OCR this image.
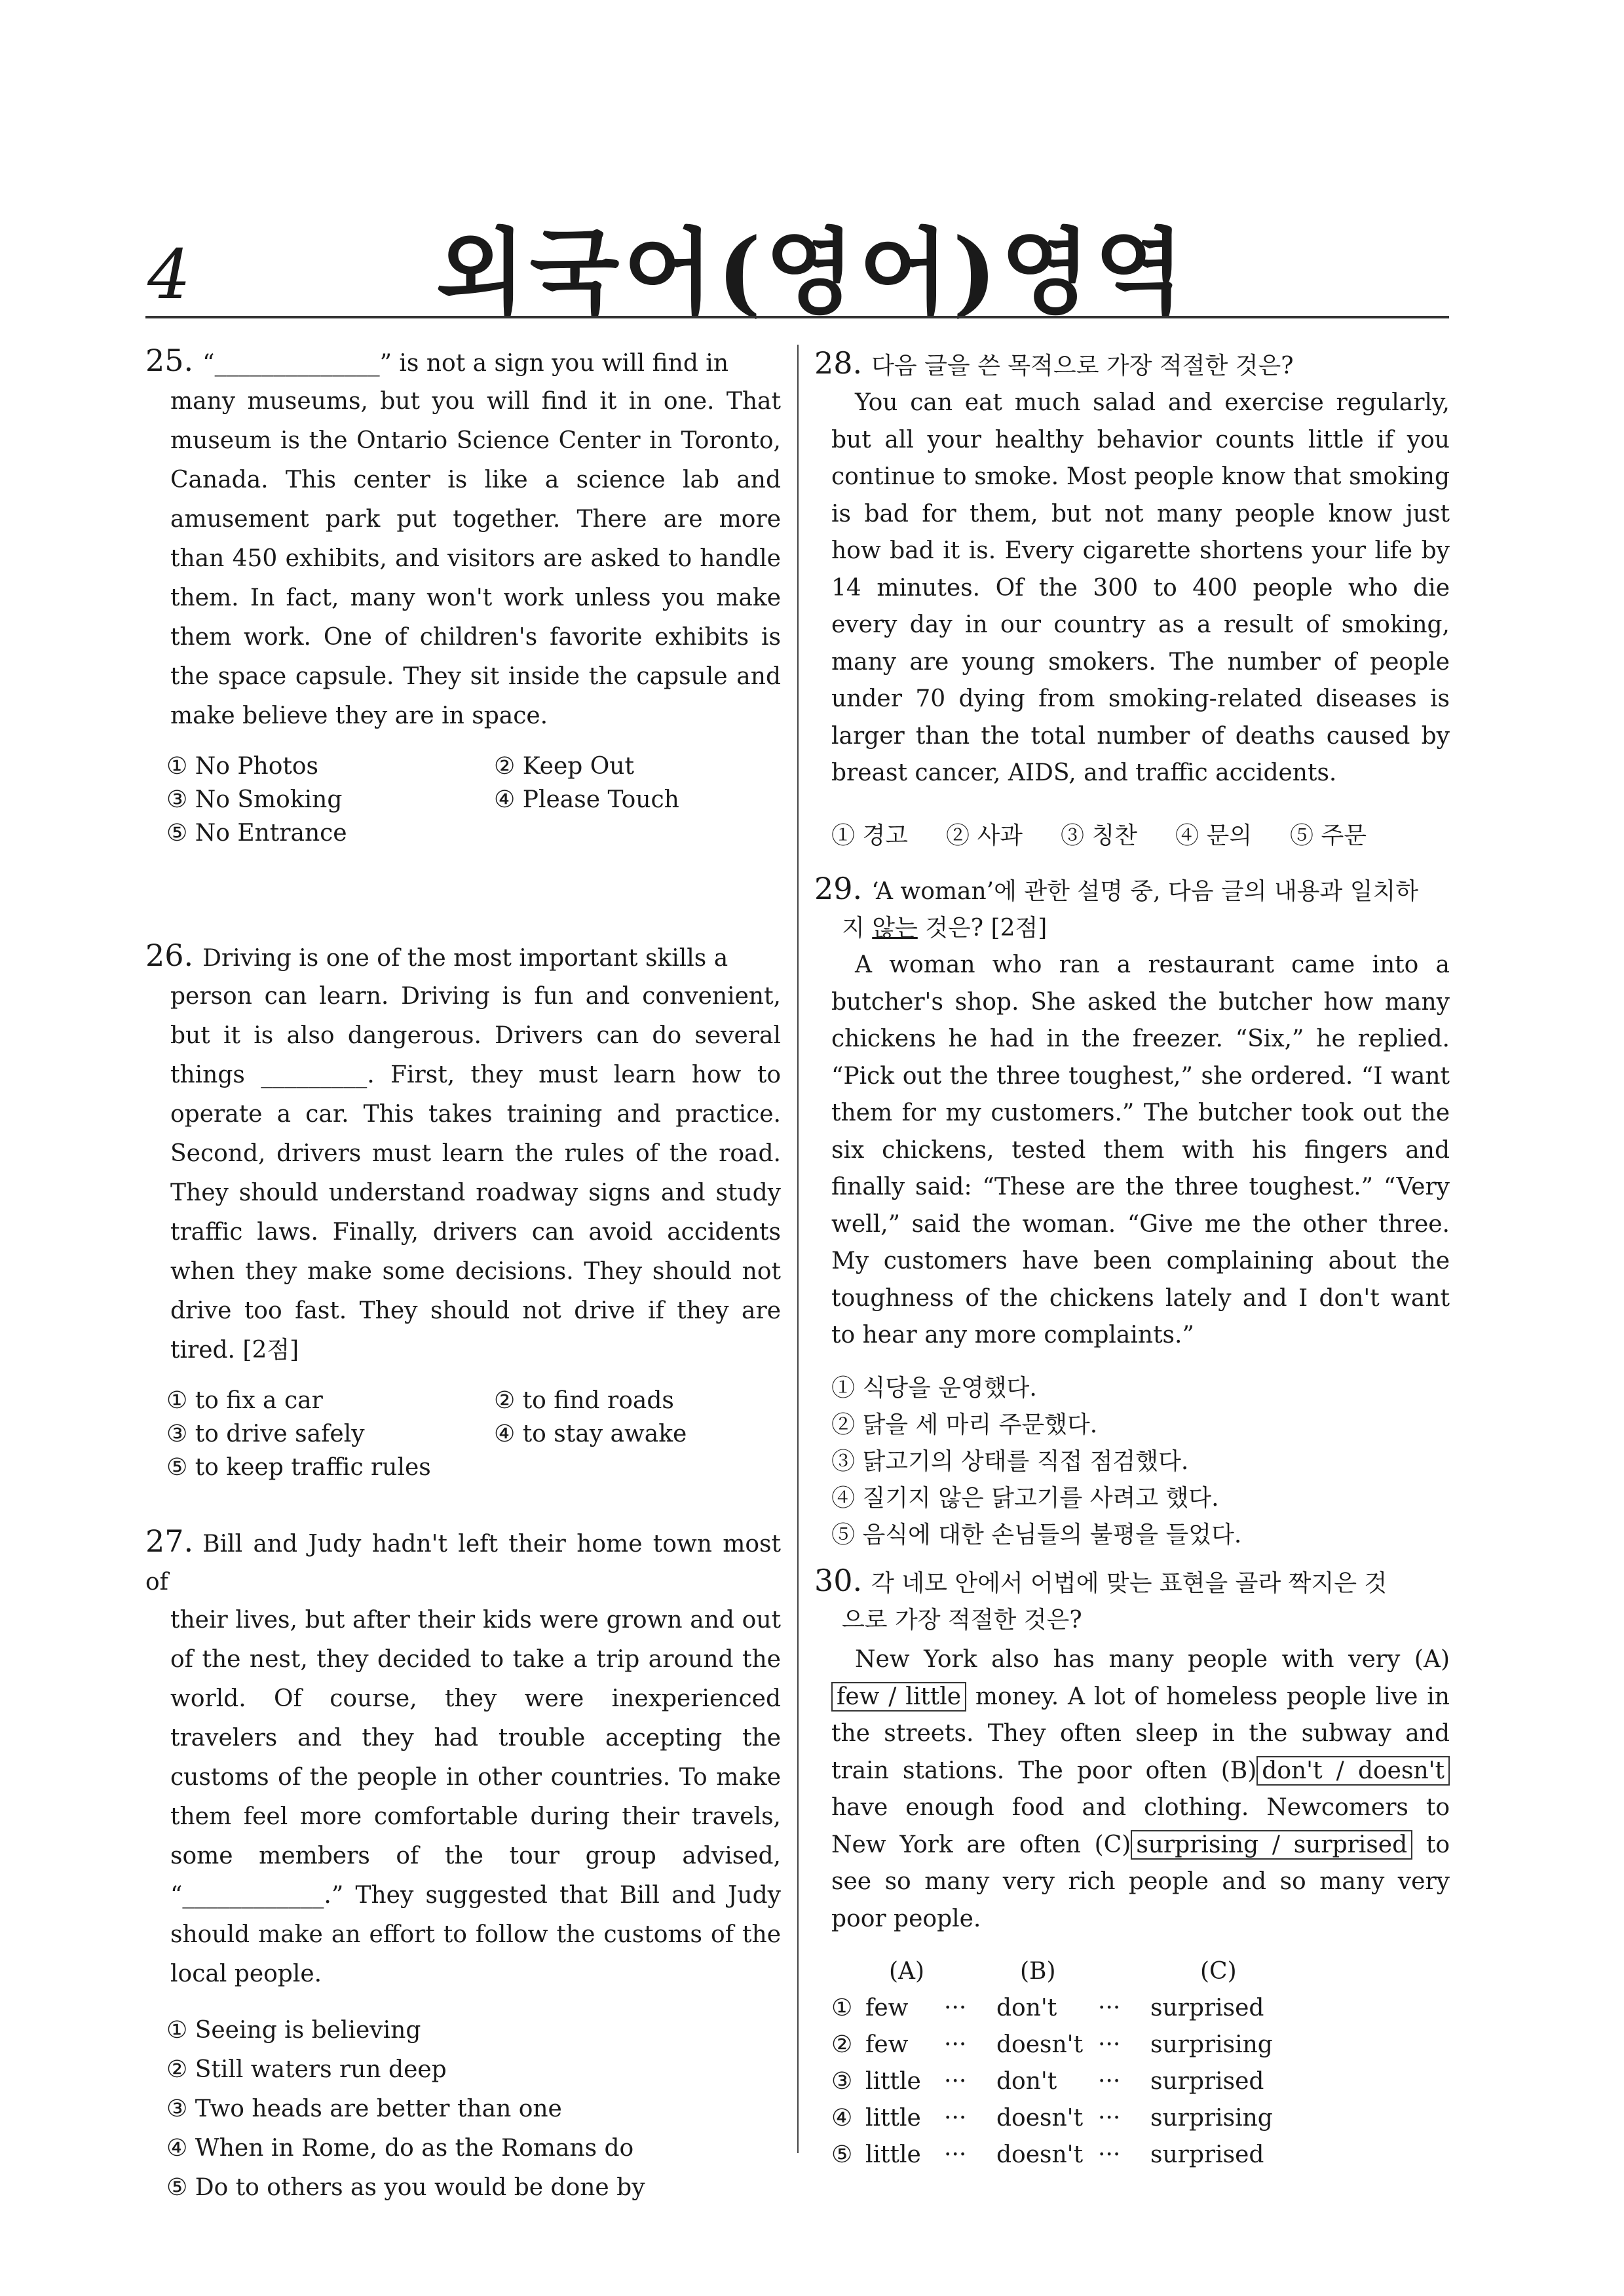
4	외국어(영어)영역
25. “______________” is not a sign you will find in
many museums, but you will find it in one. That museum is the Ontario Science Center in Toronto, Canada. This center is like a science lab and amusement park put together. There are more than 450 exhibits, and visitors are asked to handle them. In fact, many won't work unless you make them work. One of children's favorite exhibits is the space capsule. They sit inside the capsule and make believe they are in space.
① No Photos	② Keep Out
③ No Smoking	④ Please Touch
⑤ No Entrance
26. Driving is one of the most important skills a
person can learn. Driving is fun and convenient, but it is also dangerous. Drivers can do several things _________. First, they must learn how to operate a car. This takes training and practice. Second, drivers must learn the rules of the road. They should understand roadway signs and study traffic laws. Finally, drivers can avoid accidents when they make some decisions. They should not drive too fast. They should not drive if they are tired. [2점]
① to fix a car	② to find roads
③ to drive safely	④ to stay awake
⑤ to keep traffic rules
27. Bill and Judy hadn't left their home town most of
their lives, but after their kids were grown and out of the nest, they decided to take a trip around the world. Of course, they were inexperienced travelers and they had trouble accepting the customs of the people in other countries. To make them feel more comfortable during their travels, some members of the tour group advised, “____________.” They suggested that Bill and Judy should make an effort to follow the customs of the local people.
① Seeing is believing
② Still waters run deep
③ Two heads are better than one
④ When in Rome, do as the Romans do
⑤ Do to others as you would be done by
28. 다음 글을 쓴 목적으로 가장 적절한 것은?
You can eat much salad and exercise regularly, but all your healthy behavior counts little if you continue to smoke. Most people know that smoking is bad for them, but not many people know just how bad it is. Every cigarette shortens your life by 14 minutes. Of the 300 to 400 people who die every day in our country as a result of smoking, many are young smokers. The number of people under 70 dying from smoking-related diseases is larger than the total number of deaths caused by breast cancer, AIDS, and traffic accidents.
① 경고 ② 사과 ③ 칭찬 ④ 문의 ⑤ 주문
29. ‘A woman’에 관한 설명 중, 다음 글의 내용과 일치하
지 않는 것은? [2점]
A woman who ran a restaurant came into a butcher's shop. She asked the butcher how many chickens he had in the freezer. “Six,” he replied. “Pick out the three toughest,” she ordered. “I want them for my customers.” The butcher took out the six chickens, tested them with his fingers and finally said: “These are the three toughest.” “Very well,” said the woman. “Give me the other three. My customers have been complaining about the toughness of the chickens lately and I don't want to hear any more complaints.”
① 식당을 운영했다.
② 닭을 세 마리 주문했다.
③ 닭고기의 상태를 직접 점검했다.
④ 질기지 않은 닭고기를 사려고 했다.
⑤ 음식에 대한 손님들의 불평을 들었다.
30. 각 네모 안에서 어법에 맞는 표현을 골라 짝지은 것
으로 가장 적절한 것은?
New York also has many people with very (A) few / little money. A lot of homeless people live in the streets. They often sleep in the subway and train stations. The poor often (B) don't / doesn't have enough food and clothing. Newcomers to New York are often (C) surprising / surprised to see so many very rich people and so many very poor people.
(A)	(B)	(C)
① few	···	don't	···	surprised
② few	···	doesn't ···	surprising
③ little ···	don't	···	surprised
④ little ···	doesn't ···	surprising
⑤ little ···	doesn't ···	surprised
